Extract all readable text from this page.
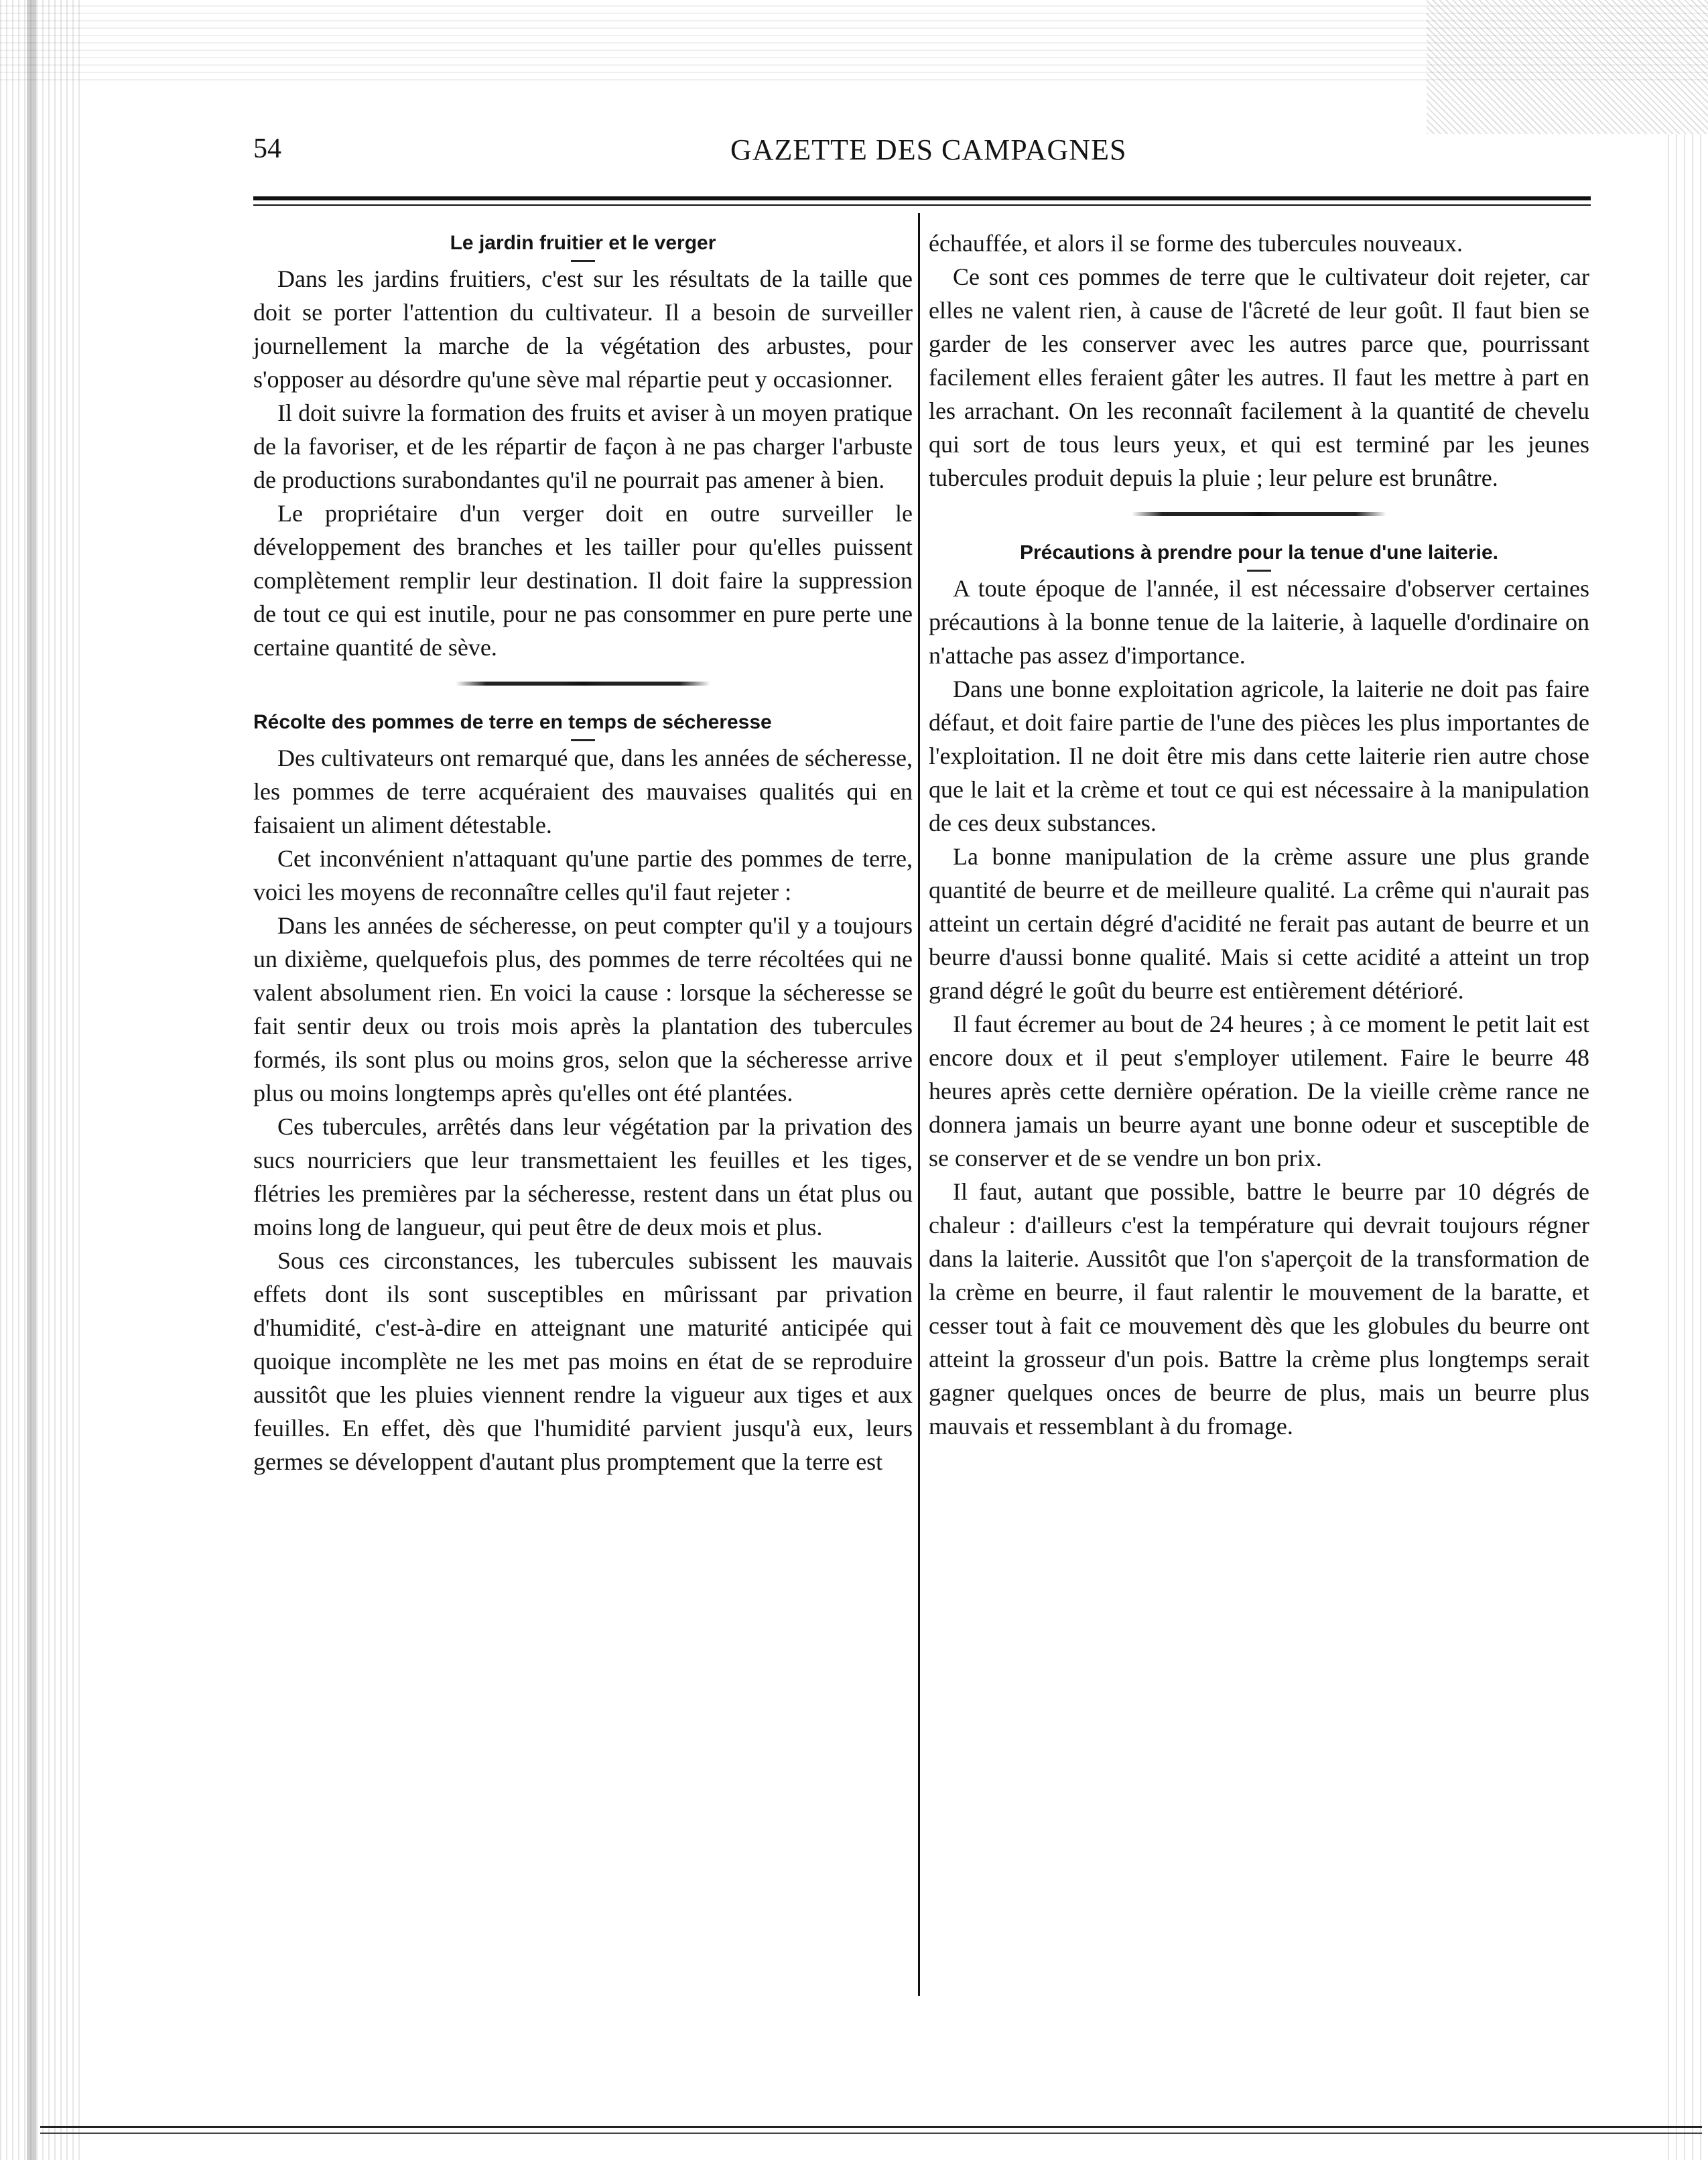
54	GAZETTE DES CAMPAGNES
Le jardin fruitier et le verger

Dans les jardins fruitiers, c'est sur les résultats de la taille que doit se porter l'attention du cultivateur. Il a besoin de surveiller journellement la marche de la végétation des arbustes, pour s'opposer au désordre qu'une sève mal répartie peut y occasionner.

Il doit suivre la formation des fruits et aviser à un moyen pratique de la favoriser, et de les répartir de façon à ne pas charger l'arbuste de productions surabondantes qu'il ne pourrait pas amener à bien.

Le propriétaire d'un verger doit en outre surveiller le développement des branches et les tailler pour qu'elles puissent complètement remplir leur destination. Il doit faire la suppression de tout ce qui est inutile, pour ne pas consommer en pure perte une certaine quantité de sève.

Récolte des pommes de terre en temps de sécheresse

Des cultivateurs ont remarqué que, dans les années de sécheresse, les pommes de terre acquéraient des mauvaises qualités qui en faisaient un aliment détestable.

Cet inconvénient n'attaquant qu'une partie des pommes de terre, voici les moyens de reconnaître celles qu'il faut rejeter :

Dans les années de sécheresse, on peut compter qu'il y a toujours un dixième, quelquefois plus, des pommes de terre récoltées qui ne valent absolument rien. En voici la cause : lorsque la sécheresse se fait sentir deux ou trois mois après la plantation des tubercules formés, ils sont plus ou moins gros, selon que la sécheresse arrive plus ou moins longtemps après qu'elles ont été plantées.

Ces tubercules, arrêtés dans leur végétation par la privation des sucs nourriciers que leur transmettaient les feuilles et les tiges, flétries les premières par la sécheresse, restent dans un état plus ou moins long de langueur, qui peut être de deux mois et plus.

Sous ces circonstances, les tubercules subissent les mauvais effets dont ils sont susceptibles en mûrissant par privation d'humidité, c'est-à-dire en atteignant une maturité anticipée qui quoique incomplète ne les met pas moins en état de se reproduire aussitôt que les pluies viennent rendre la vigueur aux tiges et aux feuilles. En effet, dès que l'humidité parvient jusqu'à eux, leurs germes se développent d'autant plus promptement que la terre est

échauffée, et alors il se forme des tubercules nouveaux.

Ce sont ces pommes de terre que le cultivateur doit rejeter, car elles ne valent rien, à cause de l'âcreté de leur goût. Il faut bien se garder de les conserver avec les autres parce que, pourrissant facilement elles feraient gâter les autres. Il faut les mettre à part en les arrachant. On les reconnaît facilement à la quantité de chevelu qui sort de tous leurs yeux, et qui est terminé par les jeunes tubercules produit depuis la pluie ; leur pelure est brunâtre.

Précautions à prendre pour la tenue d'une laiterie.

A toute époque de l'année, il est nécessaire d'observer certaines précautions à la bonne tenue de la laiterie, à laquelle d'ordinaire on n'attache pas assez d'importance.

Dans une bonne exploitation agricole, la laiterie ne doit pas faire défaut, et doit faire partie de l'une des pièces les plus importantes de l'exploitation. Il ne doit être mis dans cette laiterie rien autre chose que le lait et la crème et tout ce qui est nécessaire à la manipulation de ces deux substances.

La bonne manipulation de la crème assure une plus grande quantité de beurre et de meilleure qualité. La crême qui n'aurait pas atteint un certain dégré d'acidité ne ferait pas autant de beurre et un beurre d'aussi bonne qualité. Mais si cette acidité a atteint un trop grand dégré le goût du beurre est entièrement détérioré.

Il faut écremer au bout de 24 heures ; à ce moment le petit lait est encore doux et il peut s'employer utilement. Faire le beurre 48 heures après cette dernière opération. De la vieille crème rance ne donnera jamais un beurre ayant une bonne odeur et susceptible de se conserver et de se vendre un bon prix.

Il faut, autant que possible, battre le beurre par 10 dégrés de chaleur : d'ailleurs c'est la température qui devrait toujours régner dans la laiterie. Aussitôt que l'on s'aperçoit de la transformation de la crème en beurre, il faut ralentir le mouvement de la baratte, et cesser tout à fait ce mouvement dès que les globules du beurre ont atteint la grosseur d'un pois. Battre la crème plus longtemps serait gagner quelques onces de beurre de plus, mais un beurre plus mauvais et ressemblant à du fromage.
